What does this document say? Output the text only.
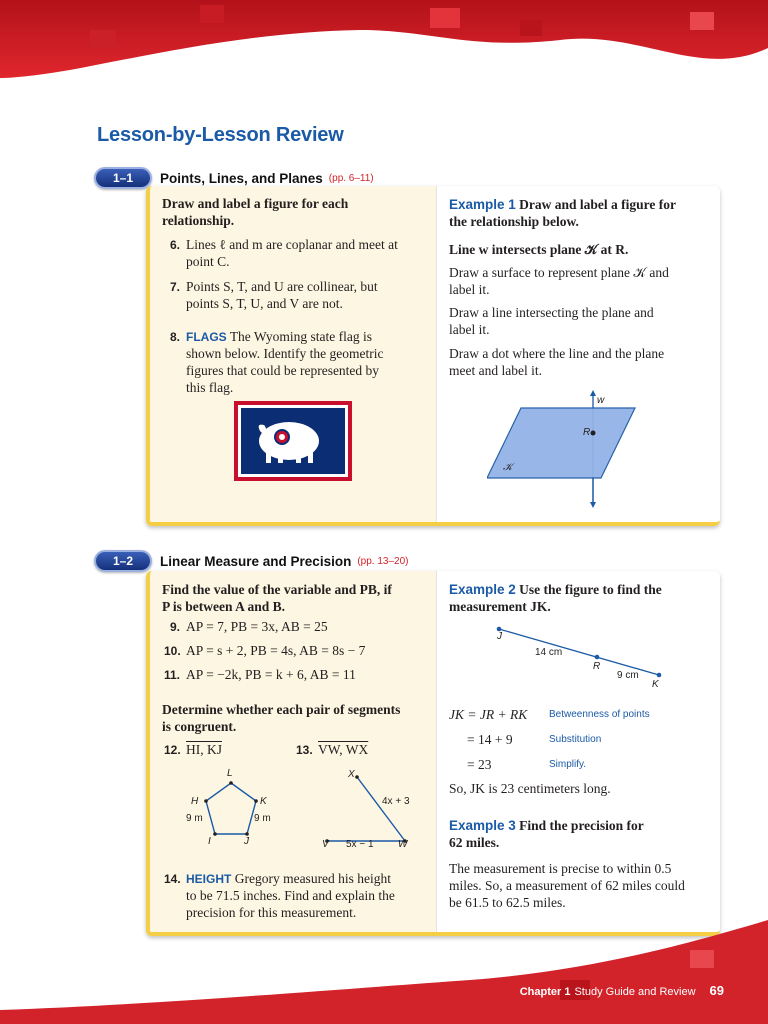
Lesson-by-Lesson Review
1–1	Points, Lines, and Planes (pp. 6–11)
Draw and label a figure for each
relationship.
6. Lines ℓ and m are coplanar and meet at
point C.
7. Points S, T, and U are collinear, but
points S, T, U, and V are not.
8. FLAGS The Wyoming state flag is
shown below. Identify the geometric
figures that could be represented by
this flag.
Example 1 Draw and label a figure for
the relationship below.
Line w intersects plane 𝒦 at R.
Draw a surface to represent plane 𝒦 and
label it.
Draw a line intersecting the plane and
label it.
Draw a dot where the line and the plane
meet and label it.
w
R
𝒦
1–2	Linear Measure and Precision (pp. 13–20)
Find the value of the variable and PB, if
P is between A and B.
9. AP = 7, PB = 3x, AB = 25
10. AP = s + 2, PB = 4s, AB = 8s − 7
11. AP = −2k, PB = k + 6, AB = 11
Determine whether each pair of segments
is congruent.
12. HI, KJ	13. VW, WX
L
H	K
I	J
9 m	9 m
X
V	W
4x + 3
5x − 1
14. HEIGHT Gregory measured his height
to be 71.5 inches. Find and explain the
precision for this measurement.
Example 2 Use the figure to find the
measurement JK.
J
14 cm
R
9 cm
K
JK = JR + RK Betweenness of points
= 14 + 9	Substitution
= 23	Simplify.
So, JK is 23 centimeters long.
Example 3 Find the precision for
62 miles.
The measurement is precise to within 0.5
miles. So, a measurement of 62 miles could
be 61.5 to 62.5 miles.
Chapter 1 Study Guide and Review 69
